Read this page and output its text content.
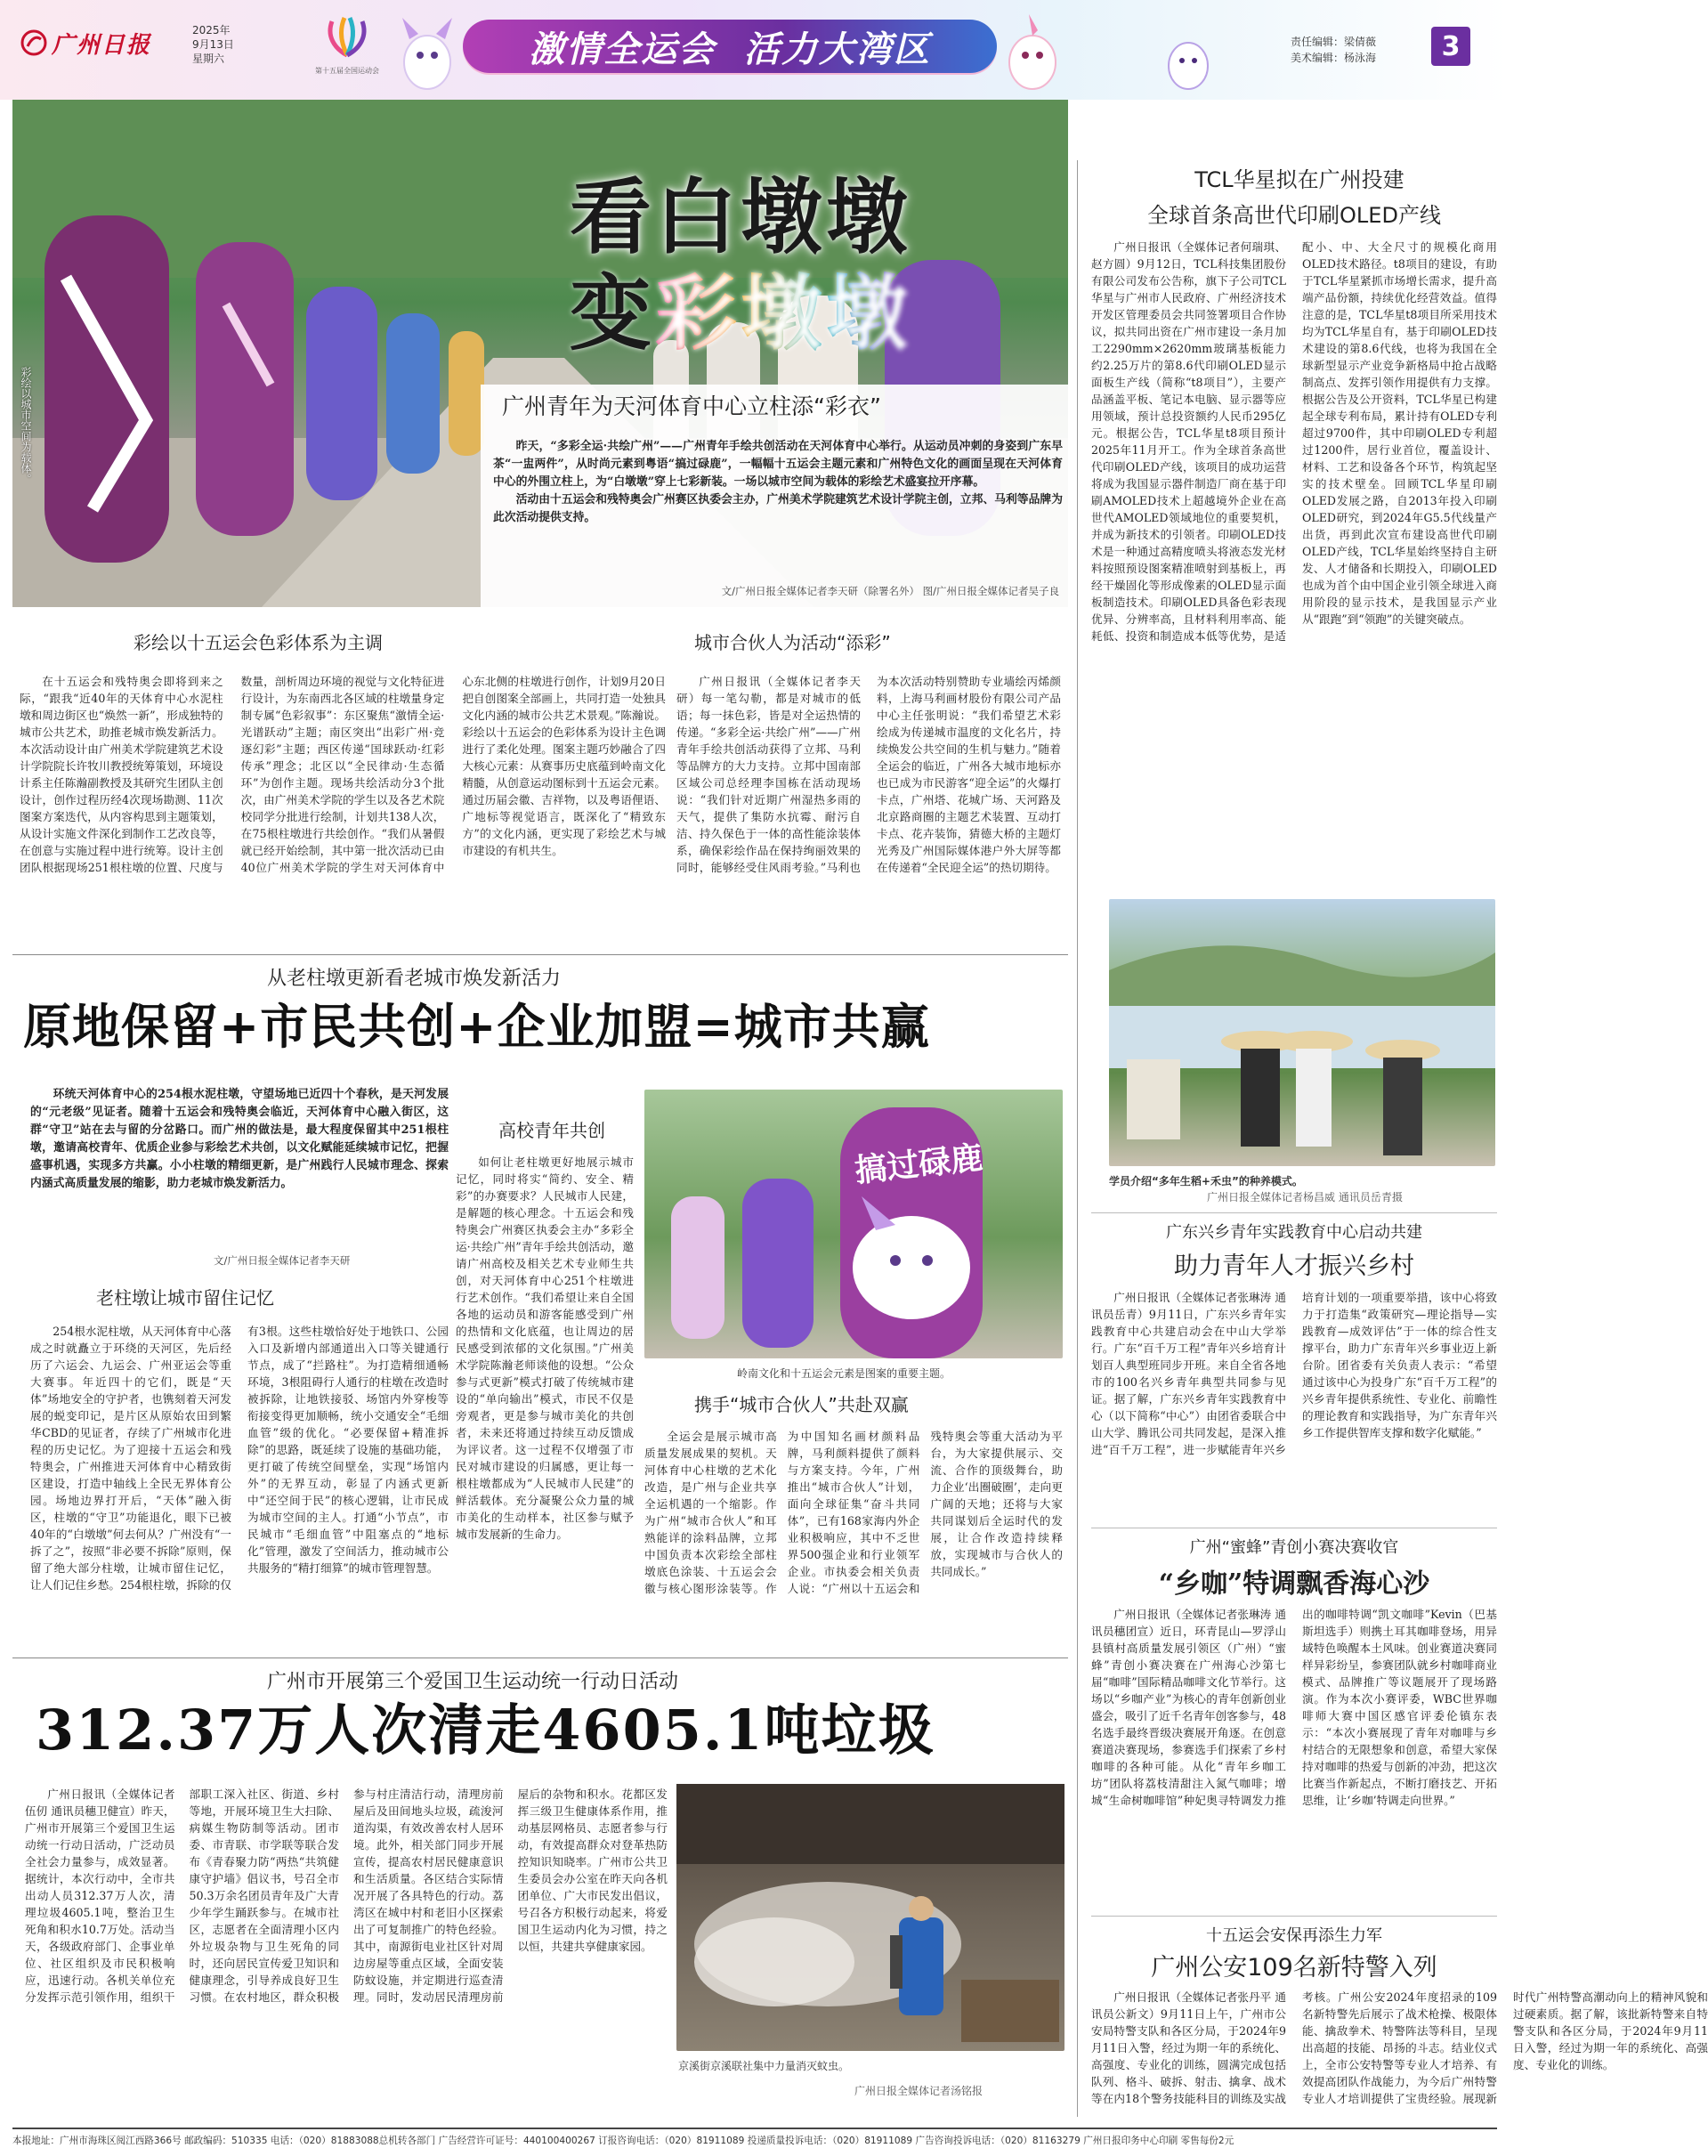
广州日报
2025年
9月13日
星期六
第十五届全国运动会
激情全运会  活力大湾区	责任编辑：梁倩薇
美术编辑：杨泳海 3
彩绘以城市空间为载体。
看白墩墩
变彩墩墩
广州青年为天河体育中心立柱添“彩衣”

昨天，“多彩全运·共绘广州”——广州青年手绘共创活动在天河体育中心举行。从运动员冲刺的身姿到广东早茶“一盅两件”，从时尚元素到粤语“搞过碌鹿”，一幅幅十五运会主题元素和广州特色文化的画面呈现在天河体育中心的外围立柱上，为“白墩墩”穿上七彩新装。一场以城市空间为载体的彩绘艺术盛宴拉开序幕。

活动由十五运会和残特奥会广州赛区执委会主办，广州美术学院建筑艺术设计学院主创，立邦、马利等品牌为此次活动提供支持。

文/广州日报全媒体记者李天研（除署名外） 图/广州日报全媒体记者吴子良
彩绘以十五运会色彩体系为主调	城市合伙人为活动“添彩”

在十五运会和残特奥会即将到来之际，“跟我“近40年的天体育中心水泥柱墩和周边街区也“焕然一新”，形成独特的城市公共艺术，助推老城市焕发新活力。本次活动设计由广州美术学院建筑艺术设计学院院长许牧川教授统筹策划，环境设计系主任陈瀚副教授及其研究生团队主创设计，创作过程历经4次现场勘测、11次图案方案迭代，从内容构思到主题策划，从设计实施文件深化到制作工艺改良等，在创意与实施过程中进行统筹。设计主创团队根据现场251根柱墩的位置、尺度与数量，剖析周边环境的视觉与文化特征进行设计，为东南西北各区域的柱墩量身定制专属“色彩叙事”：东区聚焦“激情全运·光谱跃动”主题；南区突出“出彩广州·竞逐幻彩”主题；西区传递“国球跃动·红彩传承”理念；北区以“全民律动·生态循环”为创作主题。现场共绘活动分3个批次，由广州美术学院的学生以及各艺术院校同学分批进行绘制，计划共138人次，在75根柱墩进行共绘创作。“我们从暑假就已经开始绘制，其中第一批次活动已由40位广州美术学院的学生对天河体育中心东北侧的柱墩进行创作，计划9月20日把自创图案全部画上，共同打造一处独具文化内涵的城市公共艺术景观。”陈瀚说。彩绘以十五运会的色彩体系为设计主色调进行了柔化处理。图案主题巧妙融合了四大核心元素：从赛事历史底蕴到岭南文化精髓，从创意运动图标到十五运会元素。通过历届会徽、吉祥物，以及粤语俚语、广地标等视觉语言，既深化了“精致东方”的文化内涵，更实现了彩绘艺术与城市建设的有机共生。

广州日报讯（全媒体记者李天研）每一笔勾勒，都是对城市的低语；每一抹色彩，皆是对全运热情的传递。“多彩全运·共绘广州”——广州青年手绘共创活动获得了立邦、马利等品牌方的大力支持。立邦中国南部区域公司总经理李国栋在活动现场说：“我们针对近期广州湿热多雨的天气，提供了集防水抗霉、耐污自洁、持久保色于一体的高性能涂装体系，确保彩绘作品在保持绚丽效果的同时，能够经受住风雨考验。”马利也为本次活动特别赞助专业墙绘丙烯颜料，上海马利画材股份有限公司产品中心主任张明说：“我们希望艺术彩绘成为传递城市温度的文化名片，持续焕发公共空间的生机与魅力。”随着全运会的临近，广州各大城市地标亦也已成为市民游客“迎全运”的火爆打卡点，广州塔、花城广场、天河路及北京路商圈的主题艺术装置、互动打卡点、花卉装饰，猜德大桥的主题灯光秀及广州国际媒体港户外大屏等都在传递着“全民迎全运”的热切期待。

从老柱墩更新看老城市焕发新活力
原地保留+市民共创+企业加盟=城市共赢

环统天河体育中心的254根水泥柱墩，守望场地已近四十个春秋，是天河发展的“元老级”见证者。随着十五运会和残特奥会临近，天河体育中心融入街区，这群“守卫”站在去与留的分岔路口。而广州的做法是，最大程度保留其中251根柱墩，邀请高校青年、优质企业参与彩绘艺术共创，以文化赋能延续城市记忆，把握盛事机遇，实现多方共赢。小小柱墩的精细更新，是广州践行人民城市理念、探索内涵式高质量发展的缩影，助力老城市焕发新活力。

文/广州日报全媒体记者李天研
老柱墩让城市留住记忆

254根水泥柱墩，从天河体育中心落成之时就矗立于环绕的天河区，先后经历了六运会、九运会、广州亚运会等重大赛事。年近四十的它们，既是“天体”场地安全的守护者，也镌刻着天河发展的蜕变印记，是片区从原始农田到繁华CBD的见证者，存续了广州城市化进程的历史记忆。为了迎接十五运会和残特奥会，广州推进天河体育中心精致街区建设，打造中轴线上全民无界体育公园。场地边界打开后，“天体”融入街区，柱墩的“守卫”功能退化，眼下已被40年的“白墩墩”何去何从？广州没有“一拆了之”，按照“非必要不拆除”原则，保留了绝大部分柱墩，让城市留住记忆，让人们记住乡愁。254根柱墩，拆除的仅有3根。这些柱墩恰好处于地铁口、公园入口及新增内部通道出入口等关键通行节点，成了“拦路柱”。为打造精细通畅环境，3根阻碍行人通行的柱墩在改造时被拆除，让地铁接驳、场馆内外穿梭等衔接变得更加顺畅，统小交通安全“毛细血管”级的优化。“必要保留+精准拆除”的思路，既延续了设施的基础功能，更打破了传统空间壁垒，实现“场馆内外”的无界互动，彰显了内涵式更新中“还空间于民”的核心逻辑，让市民成为城市空间的主人。打通“小节点”，市民城市“毛细血管”中阻塞点的“地标化”管理，激发了空间活力，推动城市公共服务的“精打细算”的城市管理智慧。

高校青年共创

如何让老柱墩更好地展示城市记忆，同时将实“简约、安全、精彩”的办赛要求？人民城市人民建，是解题的核心理念。十五运会和残特奥会广州赛区执委会主办“多彩全运·共绘广州”青年手绘共创活动，邀请广州高校及相关艺术专业师生共创，对天河体育中心251个柱墩进行艺术创作。“我们希望让来自全国各地的运动员和游客能感受到广州的热情和文化底蕴，也让周边的居民感受到浓郁的文化氛围。”广州美术学院陈瀚老师谈他的设想。“公众参与式更新”模式打破了传统城市建设的“单向输出”模式，市民不仅是旁观者，更是参与城市美化的共创者，未来还将通过持续互动反馈成为评议者。这一过程不仅增强了市民对城市建设的归属感，更让每一根柱墩都成为“人民城市人民建”的鲜活载体。充分凝聚公众力量的城市美化的生动样本，社区参与赋予城市发展新的生命力。

搞过碌鹿
岭南文化和十五运会元素是图案的重要主题。
携手“城市合伙人”共赴双赢

全运会是展示城市高质量发展成果的契机。天河体育中心柱墩的艺术化改造，是广州与企业共享全运机遇的一个缩影。作为广州“城市合伙人”和耳熟能详的涂料品牌，立邦中国负责本次彩绘全部柱墩底色涂装、十五运会会徽与核心图形涂装等。作为中国知名画材颜料品牌，马利颜料提供了颜料与方案支持。今年，广州推出“城市合伙人”计划，面向全球征集“奋斗共同体”，已有168家海内外企业积极响应，其中不乏世界500强企业和行业领军企业。市执委会相关负责人说：“广州以十五运会和残特奥会等重大活动为平台，为大家提供展示、交流、合作的顶级舞台，助力企业‘出圈破圈’，走向更广阔的天地；还将与大家共同谋划后全运时代的发展，让合作改造持续释放，实现城市与合伙人的共同成长。”

广州市开展第三个爱国卫生运动统一行动日活动
312.37万人次清走4605.1吨垃圾

广州日报讯（全媒体记者伍仞 通讯员穗卫健宣）昨天，广州市开展第三个爱国卫生运动统一行动日活动，广泛动员全社会力量参与，成效显著。据统计，本次行动中，全市共出动人员312.37万人次，清理垃圾4605.1吨，整治卫生死角和积水10.7万处。活动当天，各级政府部门、企事业单位、社区组织及市民积极响应，迅速行动。各机关单位充分发挥示范引领作用，组织干部职工深入社区、街道、乡村等地，开展环境卫生大扫除、病媒生物防制等活动。团市委、市青联、市学联等联合发布《青春聚力防“两热“共筑健康守护墙》倡议书，号召全市50.3万余名团员青年及广大青少年学生踊跃参与。在城市社区，志愿者在全面清理小区内外垃圾杂物与卫生死角的同时，还向居民宣传爱卫知识和健康理念，引导养成良好卫生习惯。在农村地区，群众积极参与村庄清洁行动，清理房前屋后及田间地头垃圾，疏浚河道沟渠，有效改善农村人居环境。此外，相关部门同步开展宣传，提高农村居民健康意识和生活质量。各区结合实际情况开展了各具特色的行动。荔湾区在城中村和老旧小区探索出了可复制推广的特色经验。其中，南源街电业社区针对周边房屋等重点区域，全面安装防蚊设施，并定期进行巡查清理。同时，发动居民清理房前屋后的杂物和积水。花都区发挥三级卫生健康体系作用，推动基层网格员、志愿者参与行动，有效提高群众对登革热防控知识知晓率。广州市公共卫生委员会办公室在昨天向各机团单位、广大市民发出倡议，号召各方积极行动起来，将爱国卫生运动内化为习惯，持之以恒，共建共享健康家园。

京溪街京溪联社集中力量消灭蚊虫。
广州日报全媒体记者汤铭报
TCL华星拟在广州投建
全球首条高世代印刷OLED产线

广州日报讯（全媒体记者何瑞琪、赵方圆）9月12日，TCL科技集团股份有限公司发布公告称，旗下子公司TCL华星与广州市人民政府、广州经济技术开发区管理委员会共同签署项目合作协议，拟共同出资在广州市建设一条月加工2290mm×2620mm玻璃基板能力约2.25万片的第8.6代印刷OLED显示面板生产线（简称“t8项目”），主要产品涵盖平板、笔记本电脑、显示器等应用领域，预计总投资额约人民币295亿元。根据公告，TCL华星t8项目预计2025年11月开工。作为全球首条高世代印刷OLED产线，该项目的成功运营将成为我国显示器件制造厂商在基于印刷AMOLED技术上超越境外企业在高世代AMOLED领域地位的重要契机，并成为新技术的引领者。印刷OLED技术是一种通过高精度喷头将液态发光材料按照预设图案精准喷射到基板上，再经干燥固化等形成像素的OLED显示面板制造技术。印刷OLED具备色彩表现优异、分辨率高，且材料利用率高、能耗低、投资和制造成本低等优势，是适配小、中、大全尺寸的规模化商用OLED技术路径。t8项目的建设，有助于TCL华星紧抓市场增长需求，提升高端产品份额，持续优化经营效益。值得注意的是，TCL华星t8项目所采用技术均为TCL华星自有，基于印刷OLED技术建设的第8.6代线，也将为我国在全球新型显示产业竞争新格局中抢占战略制高点、发挥引领作用提供有力支撑。根据公告及公开资料，TCL华星已构建起全球专利布局，累计持有OLED专利超过9700件，其中印刷OLED专利超过1200件，居行业首位，覆盖设计、材料、工艺和设备各个环节，构筑起坚实的技术壁垒。回顾TCL华星印刷OLED发展之路，自2013年投入印刷OLED研究，到2024年G5.5代线量产出货，再到此次宣布建设高世代印刷OLED产线，TCL华星始终坚持自主研发、人才储备和长期投入，印刷OLED也成为首个由中国企业引领全球进入商用阶段的显示技术，是我国显示产业从“跟跑”到“领跑”的关键突破点。

学员介绍“多年生稻+禾虫”的种养模式。
广州日报全媒体记者杨昌威 通讯员岳青摄
广东兴乡青年实践教育中心启动共建
助力青年人才振兴乡村

广州日报讯（全媒体记者张琳涛 通讯员岳青）9月11日，广东兴乡青年实践教育中心共建启动会在中山大学举行。广东“百千万工程”青年兴乡培育计划百人典型班同步开班。来自全省各地市的100名兴乡青年典型共同参与见证。据了解，广东兴乡青年实践教育中心（以下简称“中心”）由团省委联合中山大学、腾讯公司共同发起，是深入推进“百千万工程”，进一步赋能青年兴乡培育计划的一项重要举措，该中心将致力于打造集“政策研究—理论指导—实践教育—成效评估”于一体的综合性支撑平台，助力广东青年兴乡事业迈上新台阶。团省委有关负责人表示：“希望通过该中心为投身广东“百千万工程”的兴乡青年提供系统性、专业化、前瞻性的理论教育和实践指导，为广东青年兴乡工作提供智库支撑和数字化赋能。”

广州“蜜蜂”青创小赛决赛收官
“乡咖”特调飘香海心沙

广州日报讯（全媒体记者张琳涛 通讯员穗团宣）近日，环青昆山—罗浮山县镇村高质量发展引领区（广州）“蜜蜂”青创小赛决赛在广州海心沙第七届“咖啡”国际精品咖啡文化节举行。这场以“乡咖产业”为核心的青年创新创业盛会，吸引了近千名青年创客参与，48名选手最终晋级决赛展开角逐。在创意赛道决赛现场，参赛选手们探索了乡村咖啡的各种可能。从化“青年乡咖工坊”团队将荔枝清甜注入氮气咖啡；增城“生命树咖啡馆”种妃奥寻特调发力推出的咖啡特调“凯文咖啡”Kevin（巴基斯坦选手）则携土耳其咖啡登场，用异域特色唤醒本土风味。创业赛道决赛同样异彩纷呈，参赛团队就乡村咖啡商业模式、品牌推广等议题展开了现场路演。作为本次小赛评委，WBC世界咖啡师大赛中国区感官评委伦镇东表示：“本次小赛展现了青年对咖啡与乡村结合的无限想象和创意，希望大家保持对咖啡的热爱与创新的冲劲，把这次比赛当作新起点，不断打磨技艺、开拓思维，让‘乡咖’特调走向世界。”

十五运会安保再添生力军
广州公安109名新特警入列

广州日报讯（全媒体记者张丹平 通讯员公新文）9月11日上午，广州市公安局特警支队和各区分局，于2024年9月11日入警，经过为期一年的系统化、高强度、专业化的训练，圆满完成包括队列、格斗、破拆、射击、擒拿、战术等在内18个警务技能科目的训练及实战考核。广州公安2024年度招录的109名新特警先后展示了战术枪操、极限体能、擒敌拳术、特警阵法等科目，呈现出高超的技能、昂扬的斗志。结业仪式上，全市公安特警等专业人才培养、有效提高团队作战能力，为今后广州特警专业人才培训提供了宝贵经验。展现新时代广州特警高潮动向上的精神风貌和过硬素质。据了解，该批新特警来自特警支队和各区分局，于2024年9月11日入警，经过为期一年的系统化、高强度、专业化的训练。

本报地址：广州市海珠区阅江西路366号 邮政编码：510335 电话：（020）81883088总机转各部门 广告经营许可证号：440100400267 订报咨询电话：（020）81911089 投递质量投诉电话：（020）81911089 广告咨询投诉电话：（020）81163279 广州日报印务中心印刷 零售每份2元
